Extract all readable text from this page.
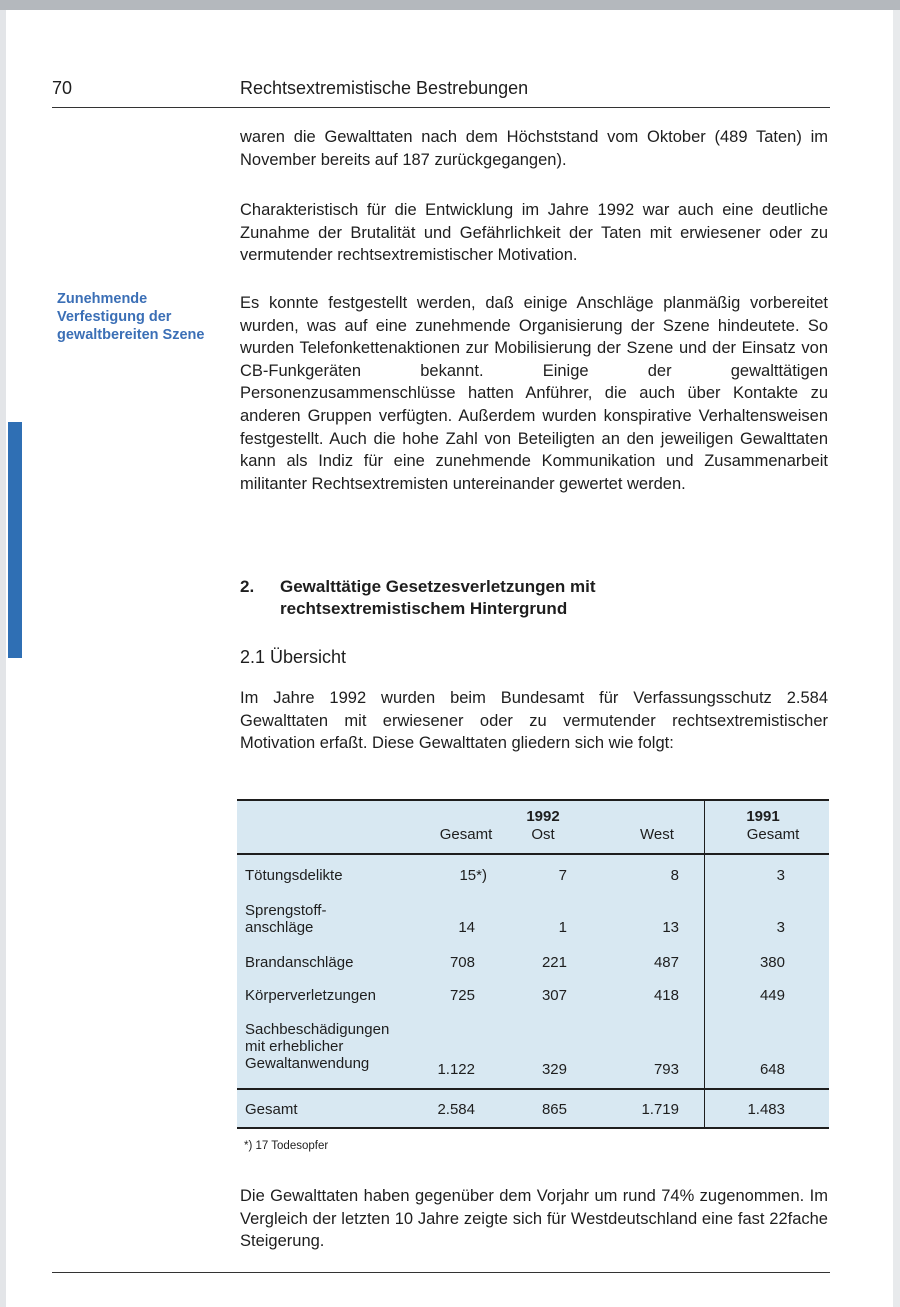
70	Rechtsextremistische Bestrebungen
Zunehmende Verfestigung der gewaltbereiten Szene
waren die Gewalttaten nach dem Höchststand vom Oktober (489 Taten) im November bereits auf 187 zurückgegangen).
Charakteristisch für die Entwicklung im Jahre 1992 war auch eine deutliche Zunahme der Brutalität und Gefährlichkeit der Taten mit erwiesener oder zu vermutender rechtsextremistischer Motivation.
Es konnte festgestellt werden, daß einige Anschläge planmäßig vorbereitet wurden, was auf eine zunehmende Organisierung der Szene hindeutete. So wurden Telefonkettenaktionen zur Mobilisierung der Szene und der Einsatz von CB-Funkgeräten bekannt. Einige der gewalttätigen Personenzusammenschlüsse hatten Anführer, die auch über Kontakte zu anderen Gruppen verfügten. Außerdem wurden konspirative Verhaltensweisen festgestellt. Auch die hohe Zahl von Beteiligten an den jeweiligen Gewalttaten kann als Indiz für eine zunehmende Kommunikation und Zusammenarbeit militanter Rechtsextremisten untereinander gewertet werden.
2. Gewalttätige Gesetzesverletzungen mit rechtsextremistischem Hintergrund
2.1 Übersicht
Im Jahre 1992 wurden beim Bundesamt für Verfassungsschutz 2.584 Gewalttaten mit erwiesener oder zu vermutender rechtsextremistischer Motivation erfaßt. Diese Gewalttaten gliedern sich wie folgt:
1992	1991
Gesamt	Ost	West	Gesamt
Tötungsdelikte	15*)	7	8	3
Sprengstoff-
anschläge	14	1	13	3
Brandanschläge	708	221	487	380
Körperverletzungen	725	307	418	449
Sachbeschädigungen
mit erheblicher
Gewaltanwendung	1.122	329	793	648
Gesamt	2.584	865	1.719	1.483
*) 17 Todesopfer
Die Gewalttaten haben gegenüber dem Vorjahr um rund 74% zugenommen. Im Vergleich der letzten 10 Jahre zeigte sich für Westdeutschland eine fast 22fache Steigerung.
